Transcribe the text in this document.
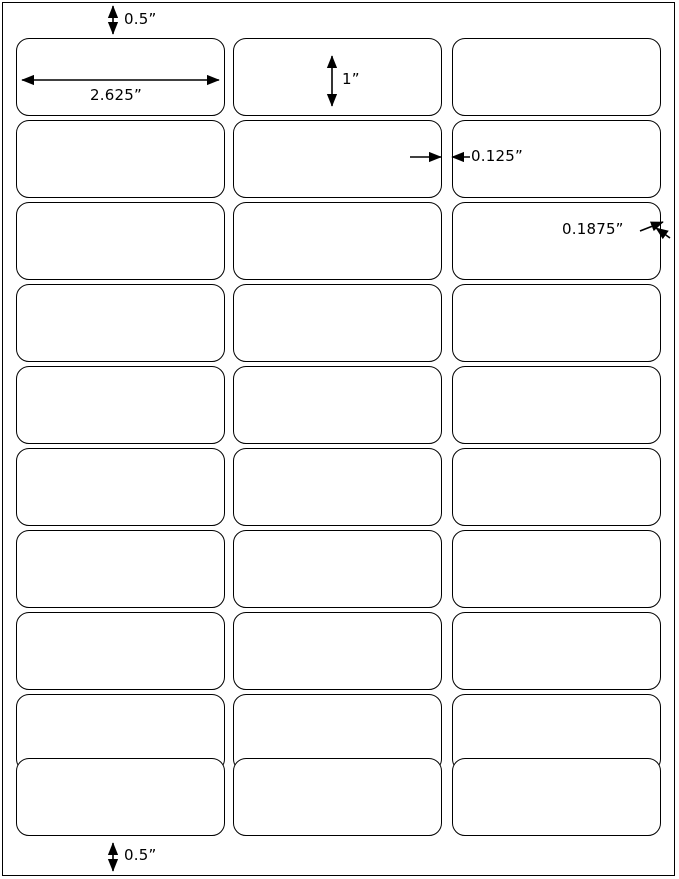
0.5”
2.625”
1”
0.125”
0.1875”
0.5”
